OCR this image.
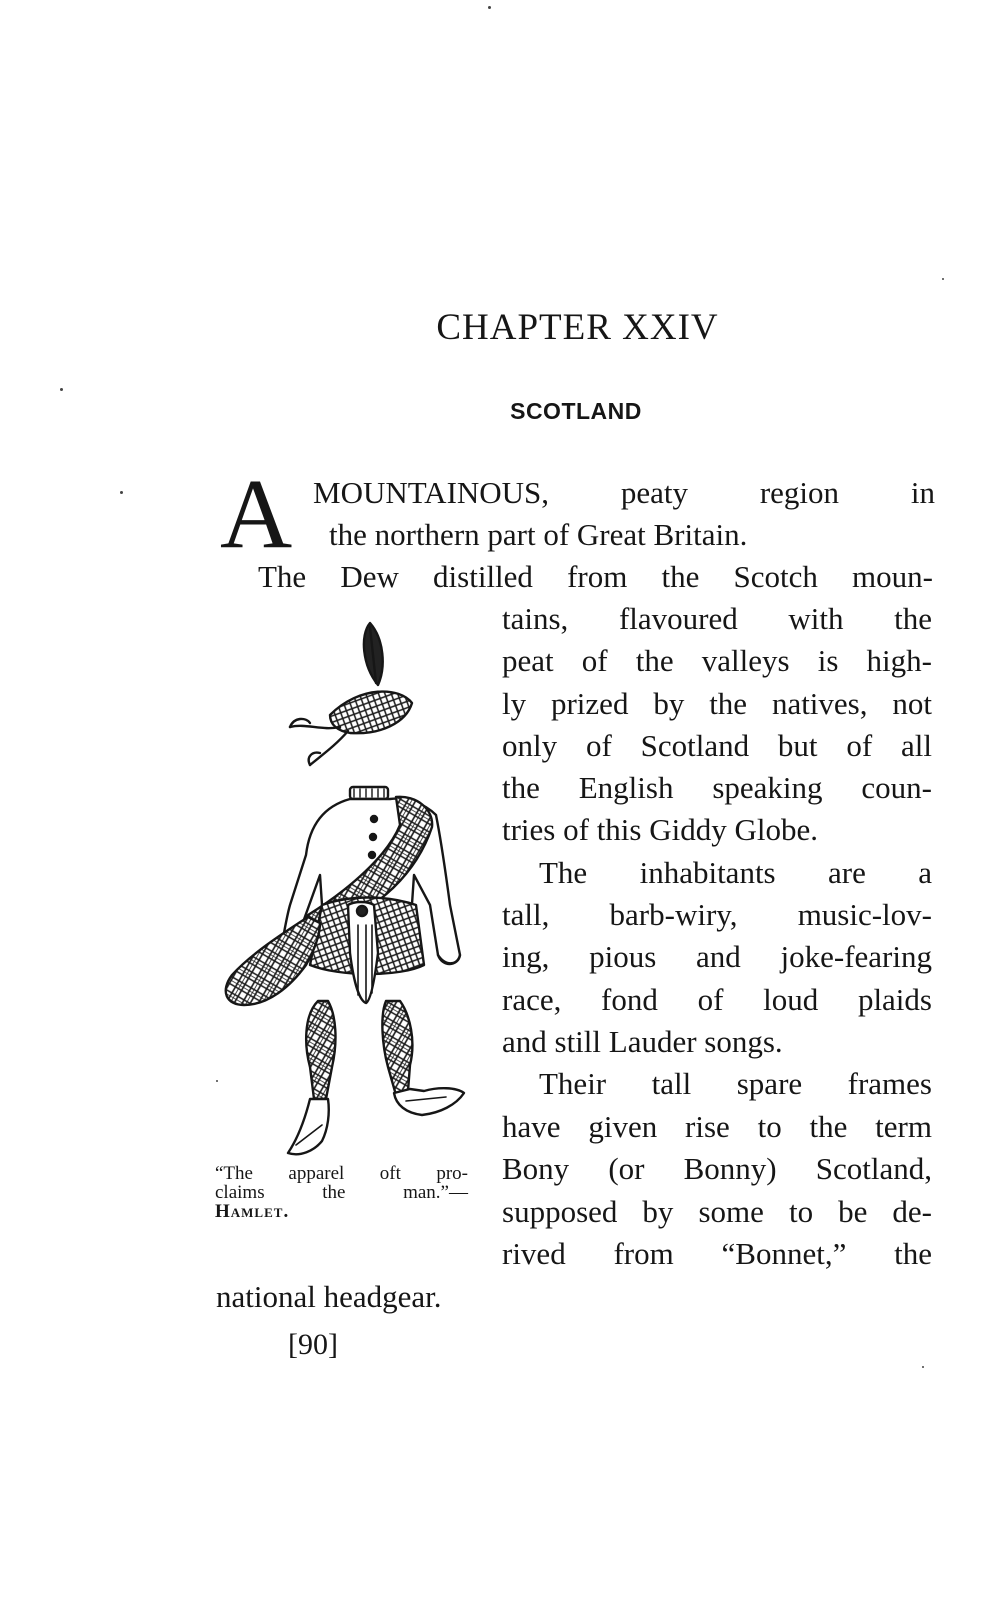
CHAPTER XXIV
SCOTLAND
A MOUNTAINOUS, peaty region in
the northern part of Great Britain.
The Dew distilled from the Scotch moun-
tains, flavoured with the
peat of the valleys is high-
ly prized by the natives, not
only of Scotland but of all
the English speaking coun-
tries of this Giddy Globe.
The inhabitants are a
tall, barb-wiry, music-lov-
ing, pious and joke-fearing
race, fond of loud plaids
and still Lauder songs.
Their tall spare frames
have given rise to the term
Bony (or Bonny) Scotland,
supposed by some to be de-
rived from “Bonnet,” the
national headgear.
“The apparel oft pro-
claims the man.”—
Hamlet.
[90]
